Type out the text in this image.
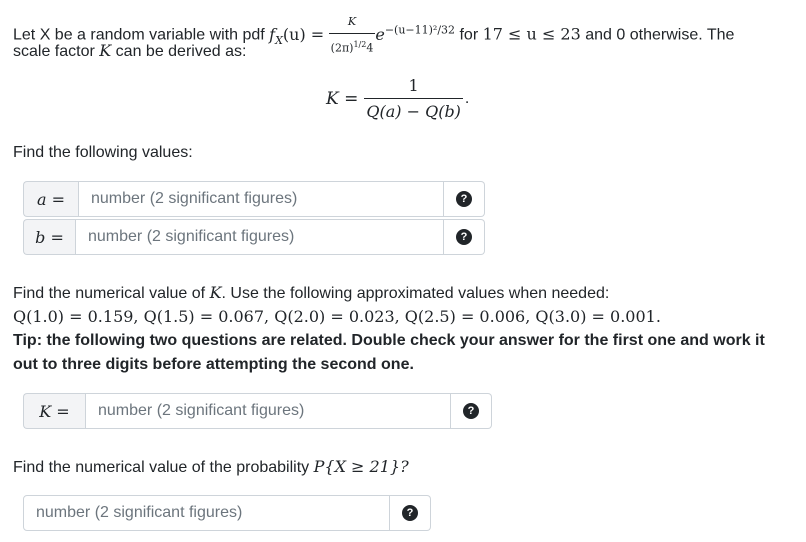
Let X be a random variable with pdf $f_X(u) = \frac{K}{(2\pi)^{1/2}4} e^{-(u-11)^2/32}$ for 17 ≤ u ≤ 23 and 0 otherwise. The
scale factor K can be derived as:
$K = \frac{1}{Q(a) - Q(b)}$ .
Find the following values:
a =	number (2 significant figures)	?
b =	number (2 significant figures)	?
Find the numerical value of K. Use the following approximated values when needed:
Q(1.0) = 0.159, Q(1.5) = 0.067, Q(2.0) = 0.023, Q(2.5) = 0.006, Q(3.0) = 0.001.
Tip: the following two questions are related. Double check your answer for the first one and work it
out to three digits before attempting the second one.
K =	number (2 significant figures)	?
Find the numerical value of the probability P{X ≥ 21}?
number (2 significant figures)	?
